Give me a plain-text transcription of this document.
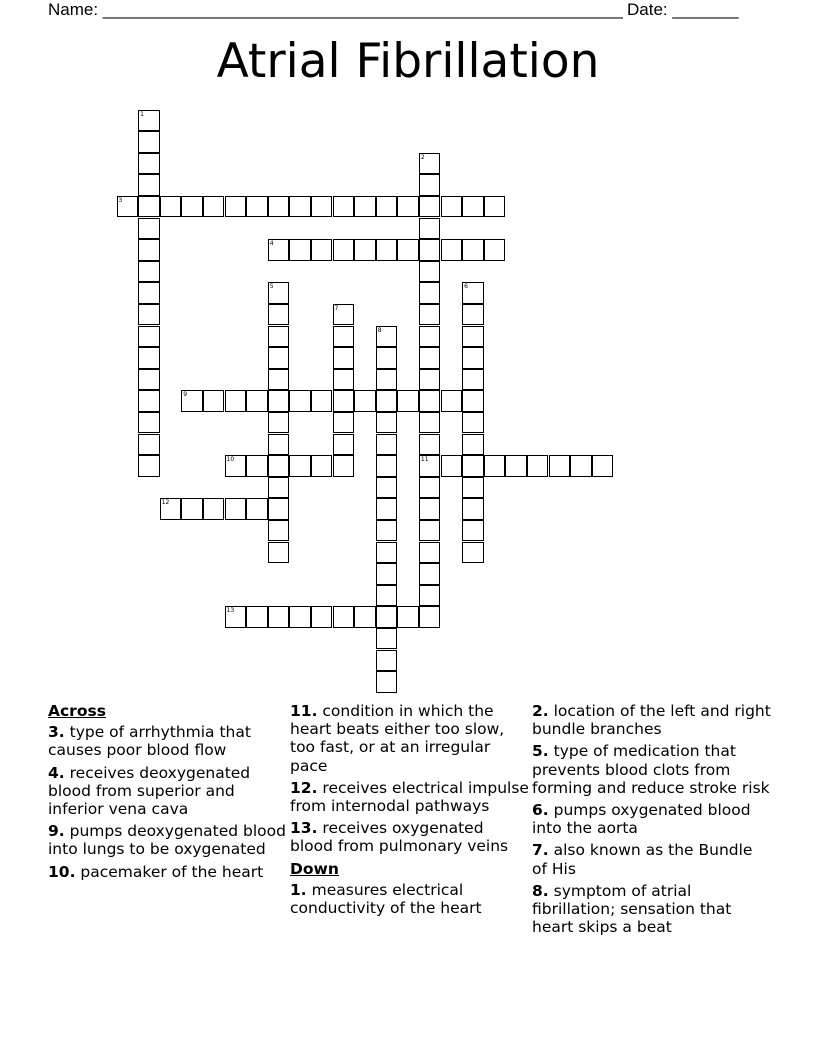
Name: _______________________________________________________ Date: _______
Atrial Fibrillation
1
2
11
3
4
5	6
7
8
9
10
12
13
Across
3. type of arrhythmia that causes poor blood flow
4. receives deoxygenated blood from superior and inferior vena cava
9. pumps deoxygenated blood into lungs to be oxygenated
10. pacemaker of the heart
11. condition in which the heart beats either too slow, too fast, or at an irregular pace
12. receives electrical impulse from internodal pathways
13. receives oxygenated blood from pulmonary veins
Down
1. measures electrical conductivity of the heart
2. location of the left and right bundle branches
5. type of medication that prevents blood clots from forming and reduce stroke risk
6. pumps oxygenated blood into the aorta
7. also known as the Bundle of His
8. symptom of atrial fibrillation; sensation that heart skips a beat
